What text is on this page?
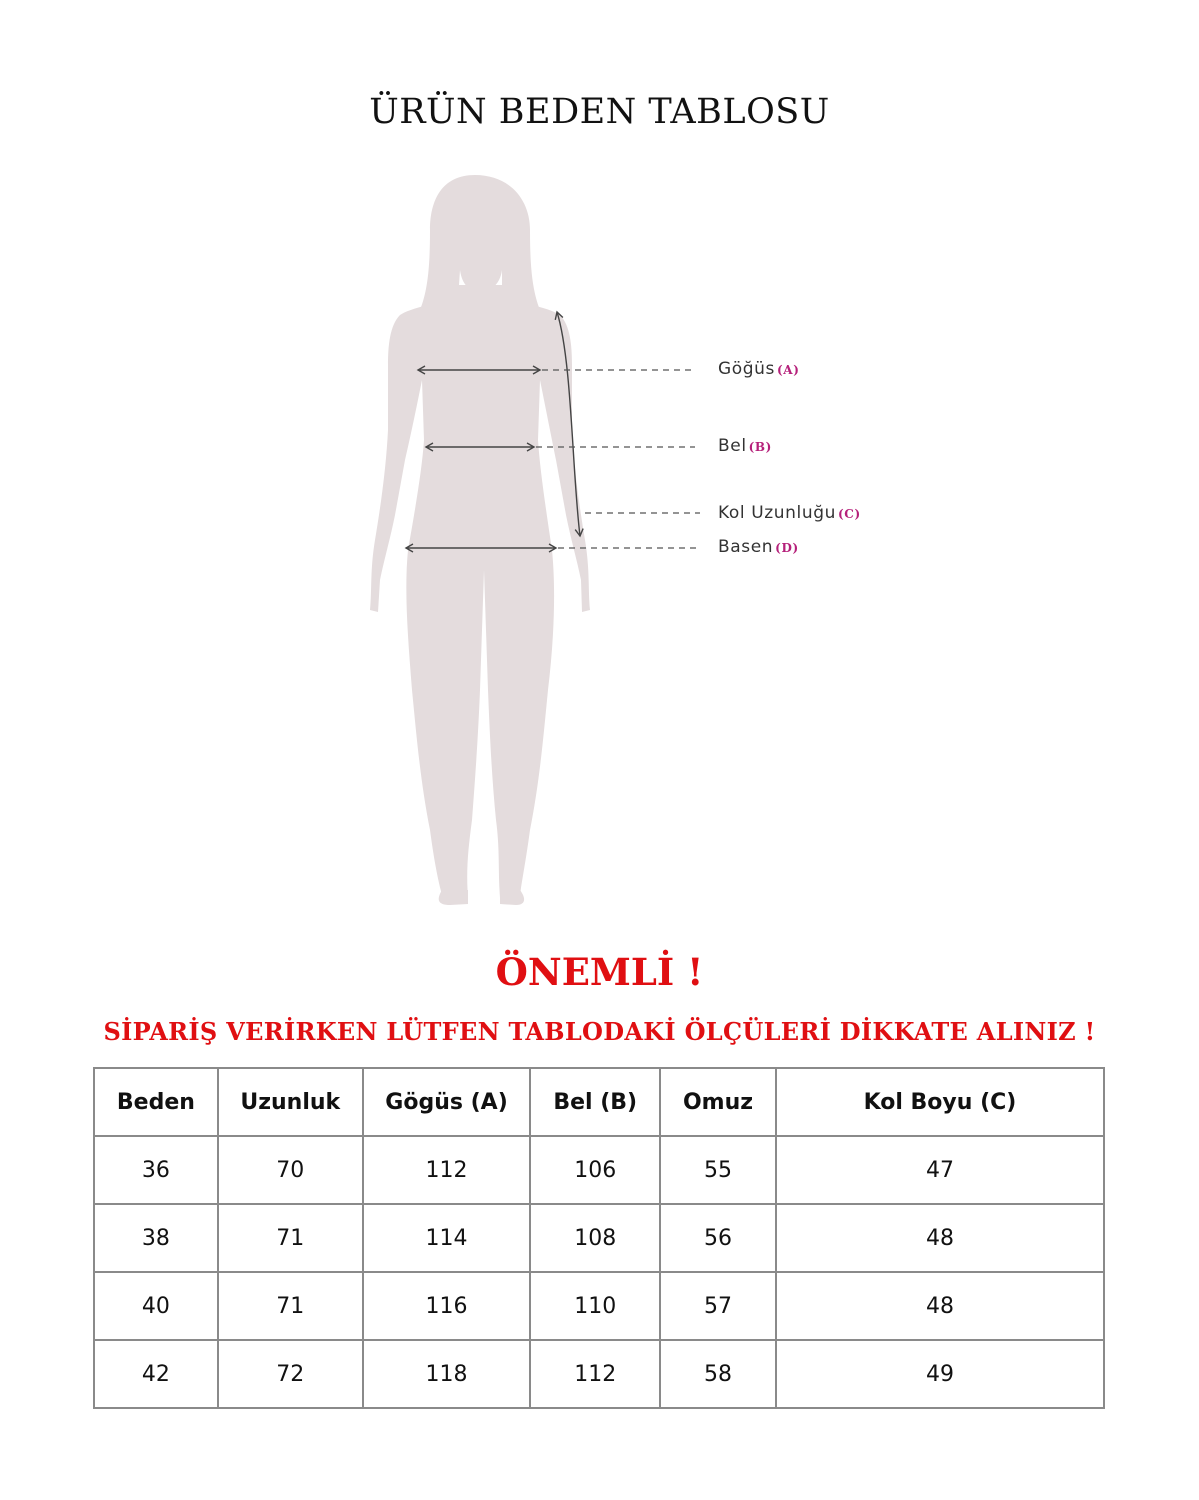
ÜRÜN BEDEN TABLOSU
Göğüs (A)
Bel (B)
Kol Uzunluğu (C)
Basen (D)
ÖNEMLİ !
SİPARİŞ VERİRKEN LÜTFEN TABLODAKİ ÖLÇÜLERİ DİKKATE ALINIZ !
Beden	Uzunluk	Gögüs (A)	Bel (B)	Omuz	Kol Boyu (C)
36	70	112	106	55	47
38	71	114	108	56	48
40	71	116	110	57	48
42	72	118	112	58	49
